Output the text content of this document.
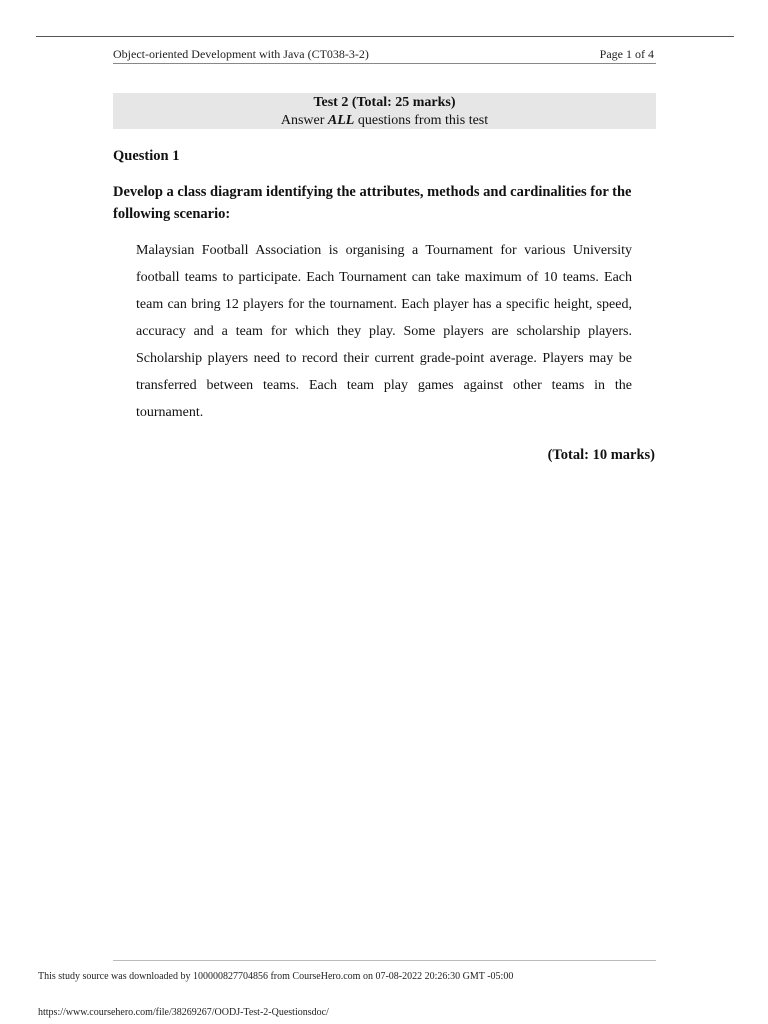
Object-oriented Development with Java (CT038-3-2)	Page 1 of 4
Test 2 (Total: 25 marks)
Answer ALL questions from this test
Question 1
Develop a class diagram identifying the attributes, methods and cardinalities for the following scenario:
Malaysian Football Association is organising a Tournament for various University football teams to participate. Each Tournament can take maximum of 10 teams. Each team can bring 12 players for the tournament. Each player has a specific height, speed, accuracy and a team for which they play. Some players are scholarship players. Scholarship players need to record their current grade-point average. Players may be transferred between teams. Each team play games against other teams in the tournament.
(Total: 10 marks)
This study source was downloaded by 100000827704856 from CourseHero.com on 07-08-2022 20:26:30 GMT -05:00
https://www.coursehero.com/file/38269267/OODJ-Test-2-Questionsdoc/
